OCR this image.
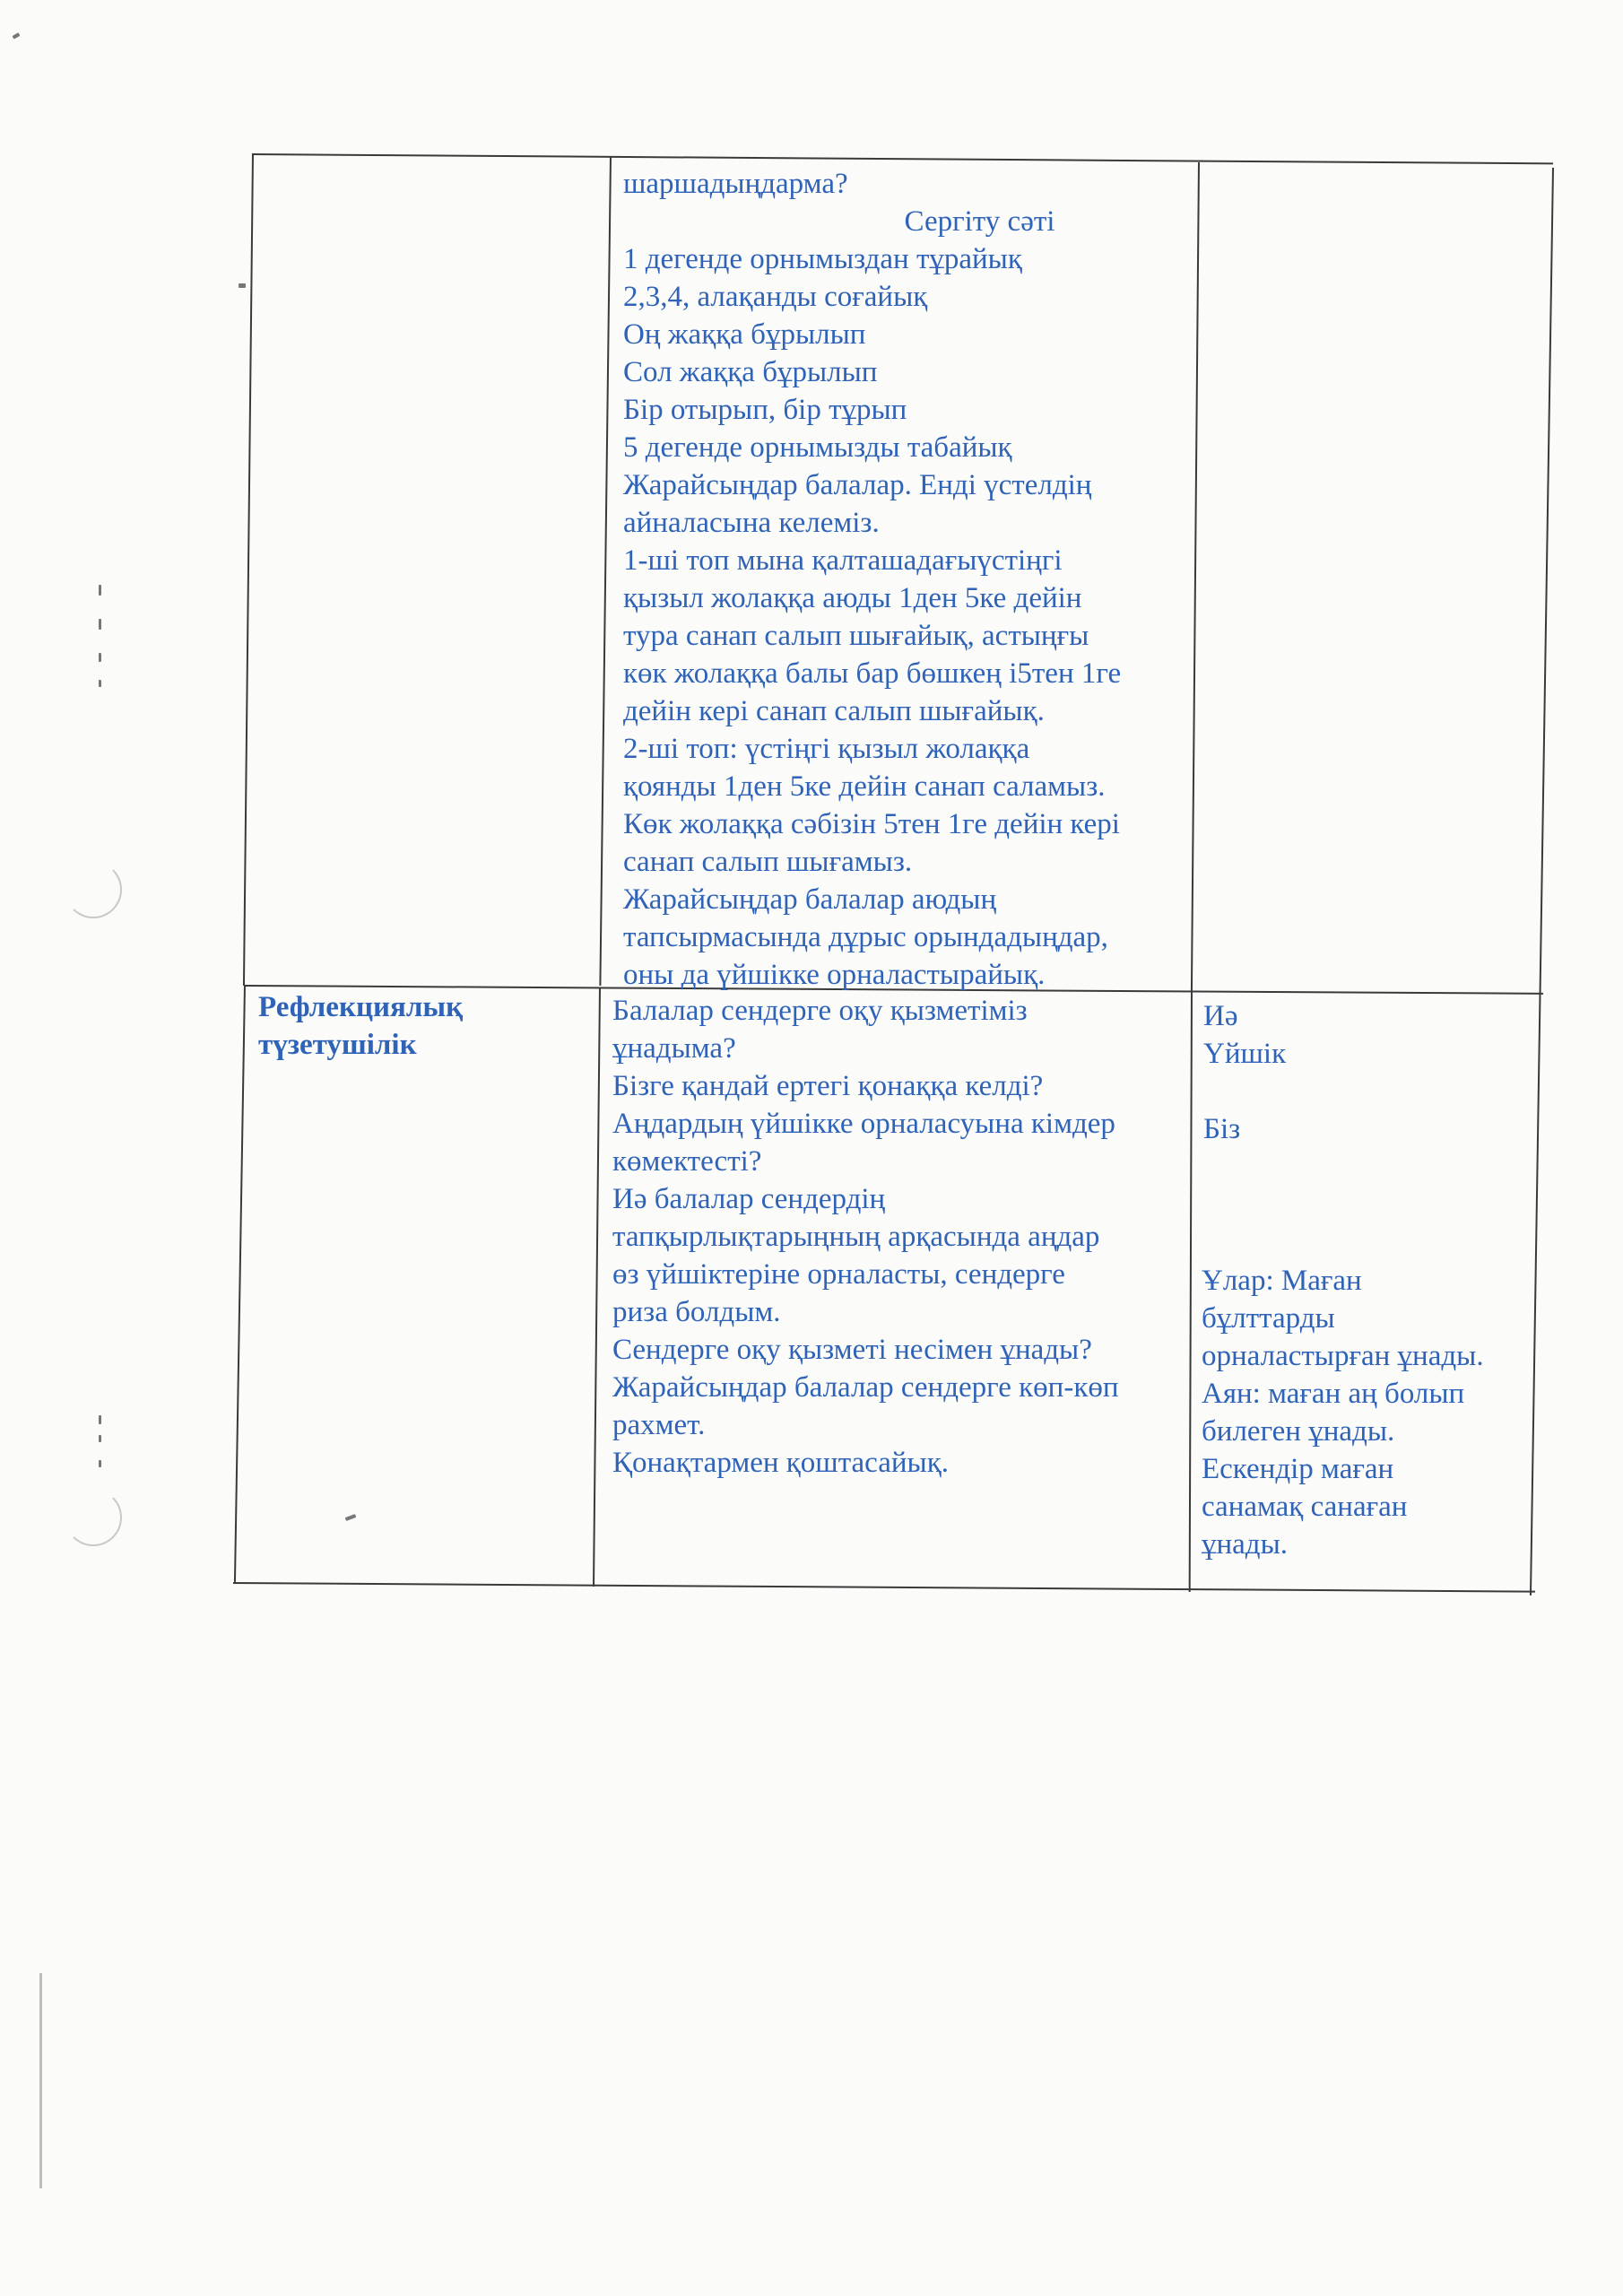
шаршадыңдарма?
Сергіту сәті
1 дегенде орнымыздан тұрайық
2,3,4, алақанды соғайық
Оң жаққа бұрылып
Сол жаққа бұрылып
Бір отырып, бір тұрып
5 дегенде орнымызды табайық
Жарайсыңдар балалар. Енді үстелдің
айналасына келеміз.
1-ші топ мына қалташадағыүстіңгі
қызыл жолаққа аюды 1ден 5ке дейін
тура санап салып шығайық, астыңғы
көк жолаққа балы бар бөшкең і5тен 1ге
дейін кері санап салып шығайық.
2-ші топ: үстіңгі қызыл жолаққа
қоянды 1ден 5ке дейін санап саламыз.
Көк жолаққа сәбізін 5тен 1ге дейін кері
санап салып шығамыз.
Жарайсыңдар балалар аюдың
тапсырмасында дұрыс орындадыңдар,
оны да үйшікке орналастырайық.
Рефлекциялық
түзетушілік
Балалар сендерге оқу қызметіміз
ұнадыма?
Бізге қандай ертегі қонаққа келді?
Аңдардың үйшікке орналасуына кімдер
көмектесті?
Иә балалар сендердің
тапқырлықтарыңның арқасында аңдар
өз үйшіктеріне орналасты, сендерге
риза болдым.
Сендерге оқу қызметі несімен ұнады?
Жарайсыңдар балалар сендерге көп-көп
рахмет.
Қонақтармен қоштасайық.
Иә
Үйшік

Біз
Ұлар: Маған
бұлттарды
орналастырған ұнады.
Аян: маған аң болып
билеген ұнады.
Ескендір маған
санамақ санаған
ұнады.
